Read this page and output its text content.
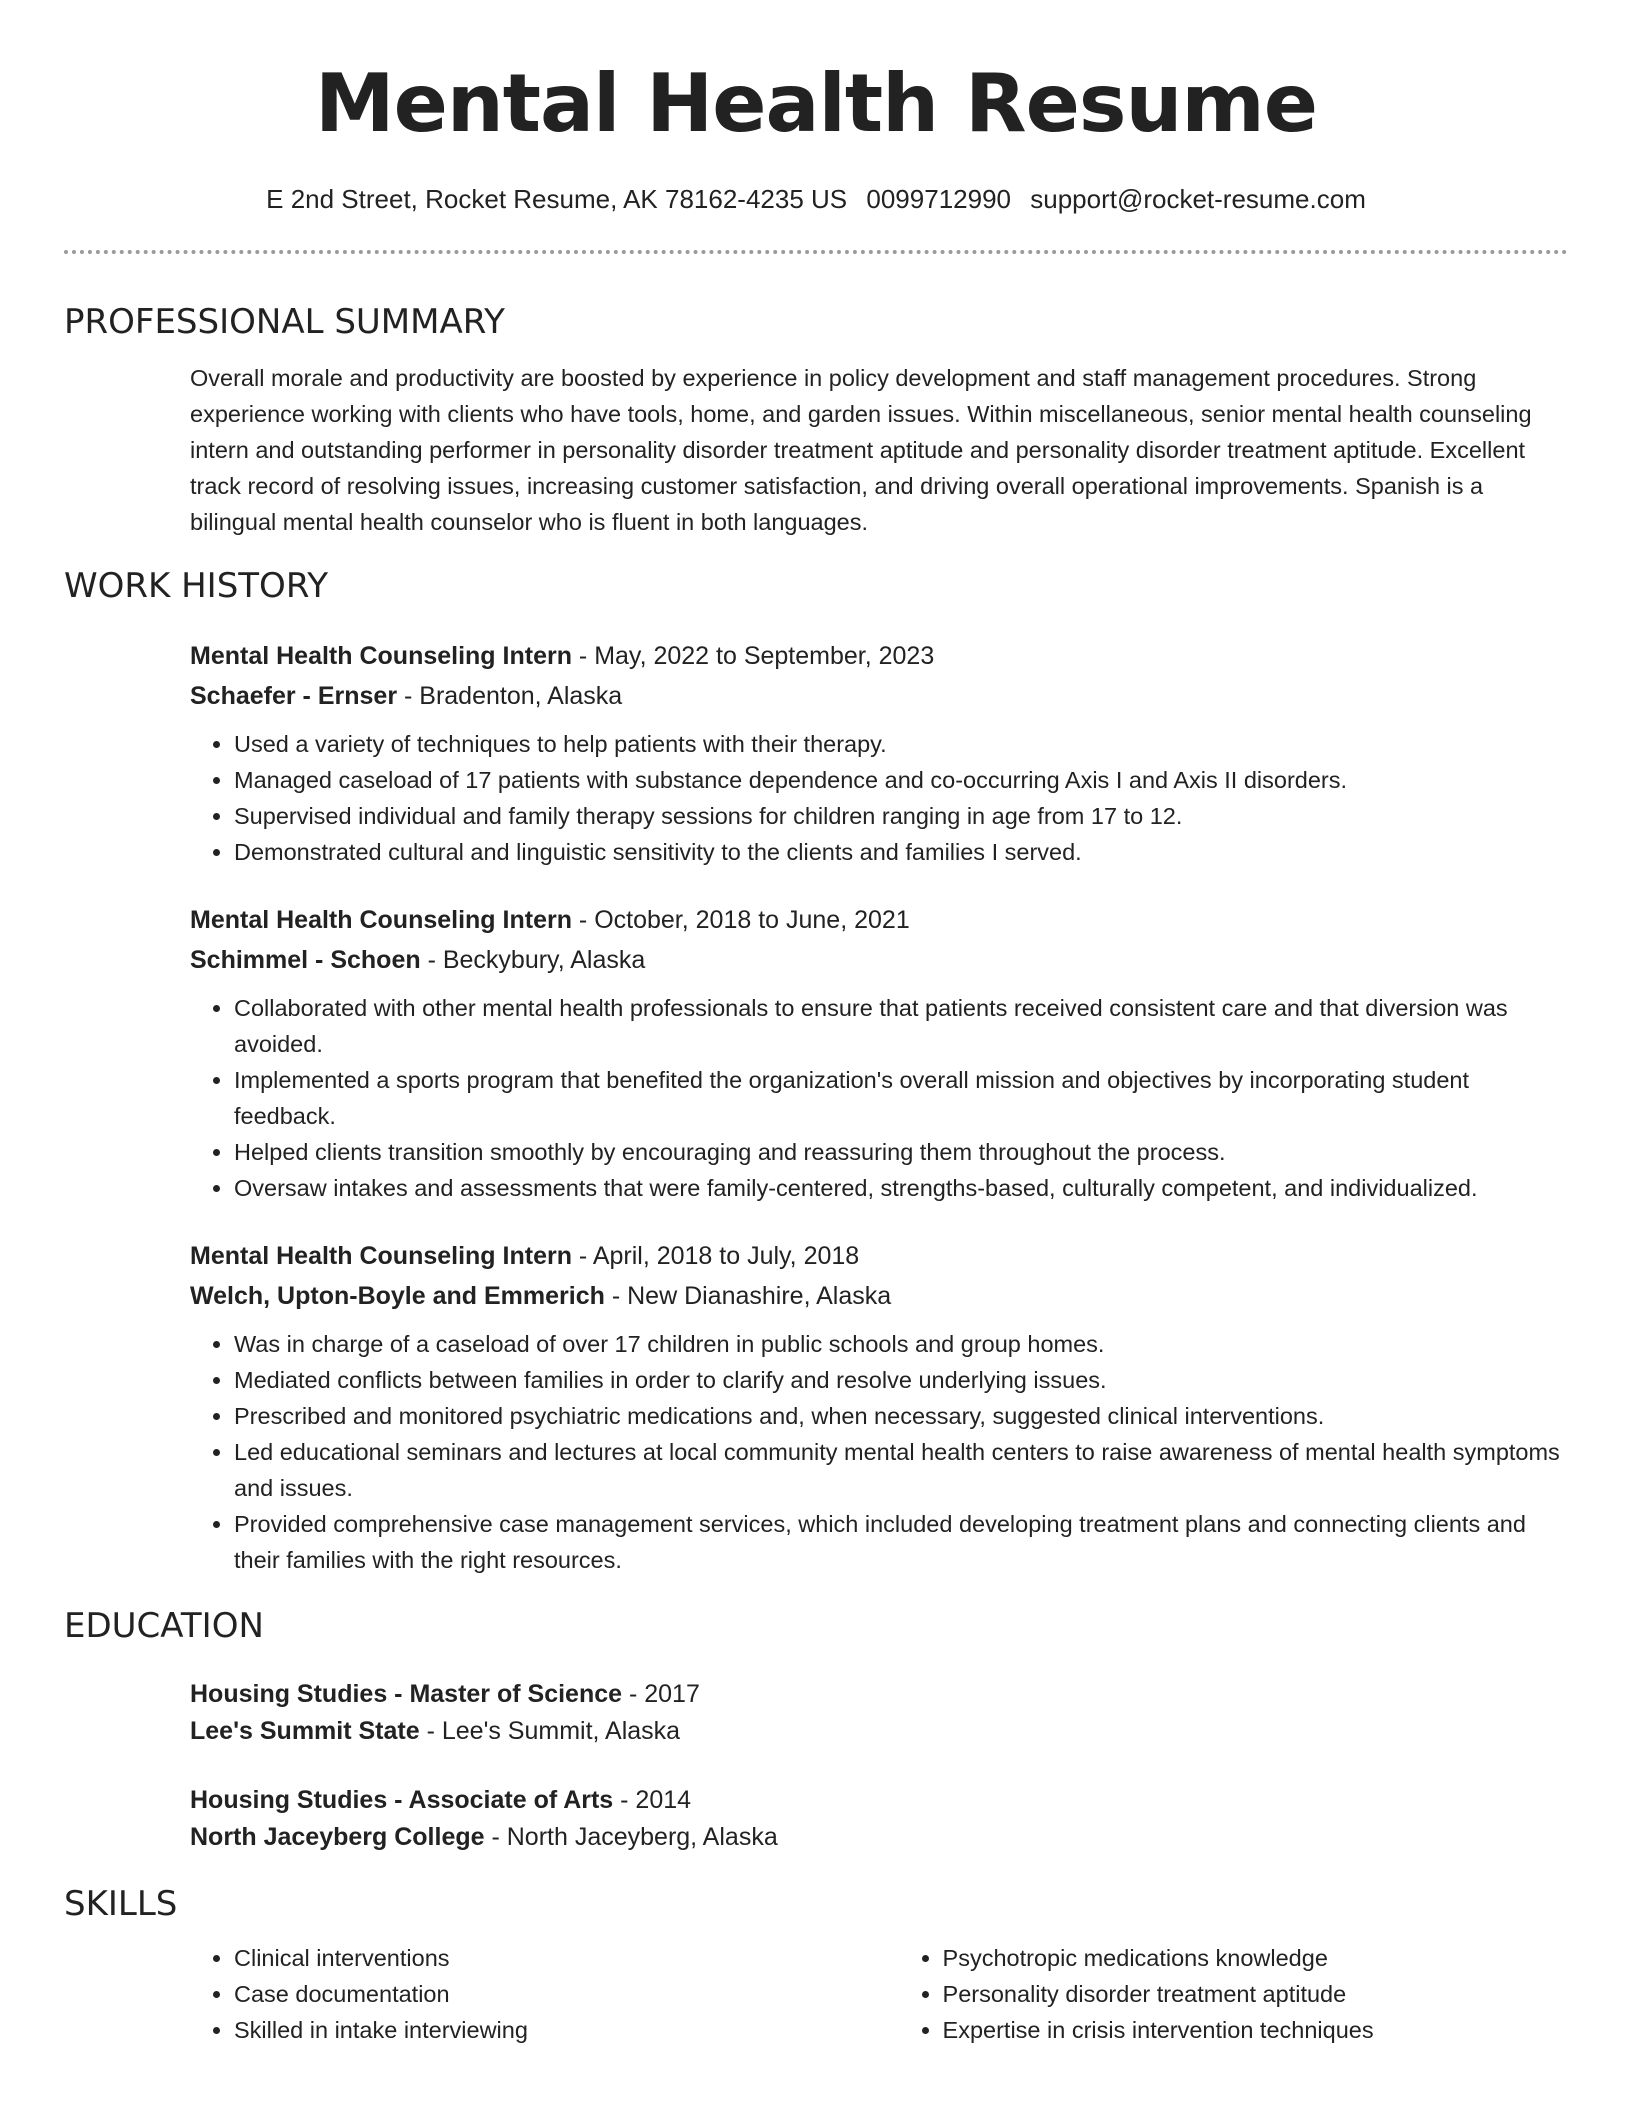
Mental Health Resume
E 2nd Street, Rocket Resume, AK 78162-4235 US 0099712990 support@rocket-resume.com
PROFESSIONAL SUMMARY
Overall morale and productivity are boosted by experience in policy development and staff management procedures. Strong experience working with clients who have tools, home, and garden issues. Within miscellaneous, senior mental health counseling intern and outstanding performer in personality disorder treatment aptitude and personality disorder treatment aptitude. Excellent track record of resolving issues, increasing customer satisfaction, and driving overall operational improvements. Spanish is a bilingual mental health counselor who is fluent in both languages.
WORK HISTORY
Mental Health Counseling Intern - May, 2022 to September, 2023
Schaefer - Ernser - Bradenton, Alaska
• Used a variety of techniques to help patients with their therapy.
• Managed caseload of 17 patients with substance dependence and co-occurring Axis I and Axis II disorders.
• Supervised individual and family therapy sessions for children ranging in age from 17 to 12.
• Demonstrated cultural and linguistic sensitivity to the clients and families I served.
Mental Health Counseling Intern - October, 2018 to June, 2021
Schimmel - Schoen - Beckybury, Alaska
• Collaborated with other mental health professionals to ensure that patients received consistent care and that diversion was avoided.
• Implemented a sports program that benefited the organization's overall mission and objectives by incorporating student feedback.
• Helped clients transition smoothly by encouraging and reassuring them throughout the process.
• Oversaw intakes and assessments that were family-centered, strengths-based, culturally competent, and individualized.
Mental Health Counseling Intern - April, 2018 to July, 2018
Welch, Upton-Boyle and Emmerich - New Dianashire, Alaska
• Was in charge of a caseload of over 17 children in public schools and group homes.
• Mediated conflicts between families in order to clarify and resolve underlying issues.
• Prescribed and monitored psychiatric medications and, when necessary, suggested clinical interventions.
• Led educational seminars and lectures at local community mental health centers to raise awareness of mental health symptoms and issues.
• Provided comprehensive case management services, which included developing treatment plans and connecting clients and their families with the right resources.
EDUCATION
Housing Studies - Master of Science - 2017
Lee's Summit State - Lee's Summit, Alaska
Housing Studies - Associate of Arts - 2014
North Jaceyberg College - North Jaceyberg, Alaska
SKILLS
• Clinical interventions
• Case documentation
• Skilled in intake interviewing
• Psychotropic medications knowledge
• Personality disorder treatment aptitude
• Expertise in crisis intervention techniques
